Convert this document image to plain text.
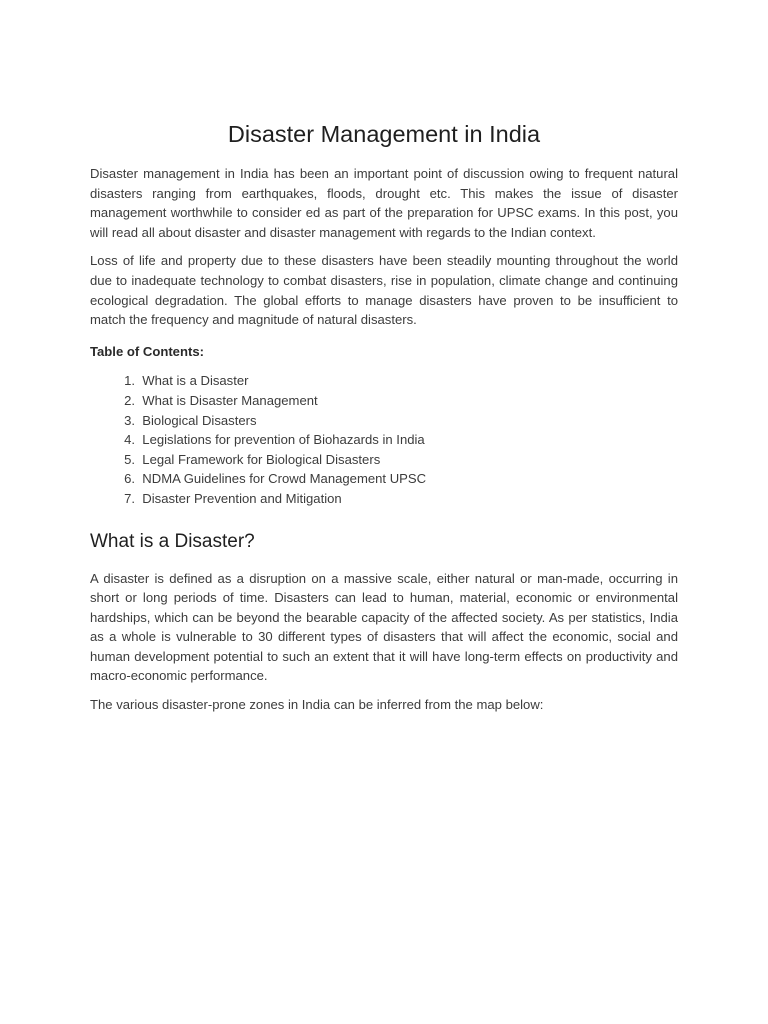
Disaster Management in India

Disaster management in India has been an important point of discussion owing to frequent natural disasters ranging from earthquakes, floods, drought etc. This makes the issue of disaster management worthwhile to consider ed as part of the preparation for UPSC exams. In this post, you will read all about disaster and disaster management with regards to the Indian context.

Loss of life and property due to these disasters have been steadily mounting throughout the world due to inadequate technology to combat disasters, rise in population, climate change and continuing ecological degradation. The global efforts to manage disasters have proven to be insufficient to match the frequency and magnitude of natural disasters.

Table of Contents:
1.
What is a Disaster
2.
What is Disaster Management
3.
Biological Disasters
4.
Legislations for prevention of Biohazards in India
5.
Legal Framework for Biological Disasters
6.
NDMA Guidelines for Crowd Management UPSC
7.
Disaster Prevention and Mitigation
What is a Disaster?

A disaster is defined as a disruption on a massive scale, either natural or man-made, occurring in short or long periods of time. Disasters can lead to human, material, economic or environmental hardships, which can be beyond the bearable capacity of the affected society. As per statistics, India as a whole is vulnerable to 30 different types of disasters that will affect the economic, social and human development potential to such an extent that it will have long-term effects on productivity and macro-economic performance.

The various disaster-prone zones in India can be inferred from the map below:
